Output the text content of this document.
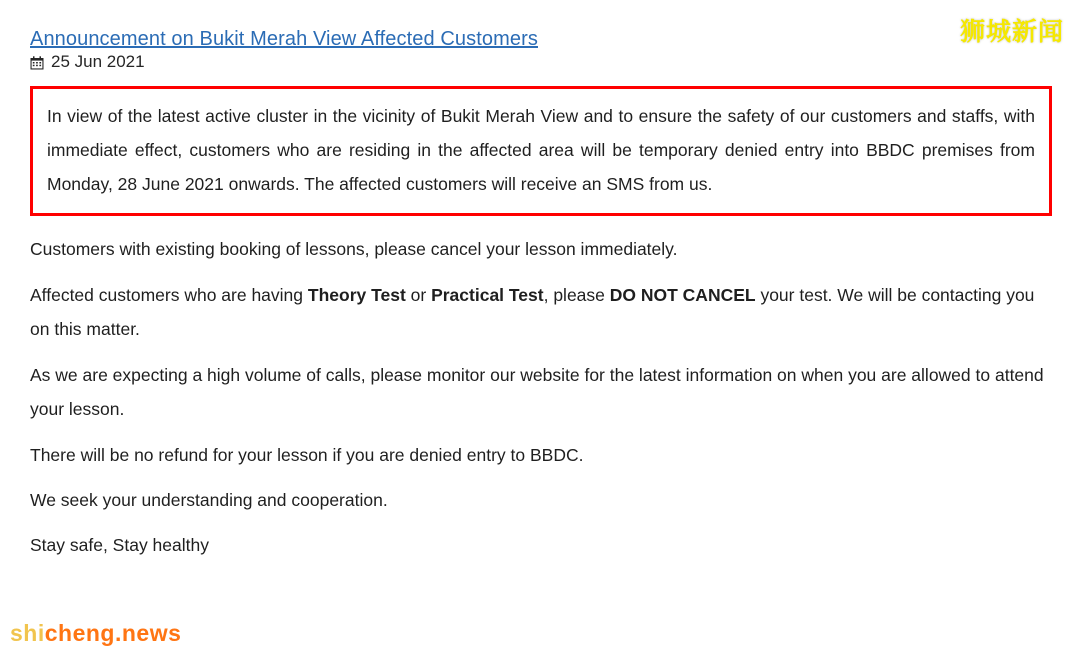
Announcement on Bukit Merah View Affected Customers
25 Jun 2021

In view of the latest active cluster in the vicinity of Bukit Merah View and to ensure the safety of our customers and staffs, with immediate effect, customers who are residing in the affected area will be temporary denied entry into BBDC premises from Monday, 28 June 2021 onwards. The affected customers will receive an SMS from us.

Customers with existing booking of lessons, please cancel your lesson immediately.

Affected customers who are having Theory Test or Practical Test, please DO NOT CANCEL your test. We will be contacting you on this matter.

As we are expecting a high volume of calls, please monitor our website for the latest information on when you are allowed to attend your lesson.

There will be no refund for your lesson if you are denied entry to BBDC.

We seek your understanding and cooperation.

Stay safe, Stay healthy

狮城新闻
shicheng.news
